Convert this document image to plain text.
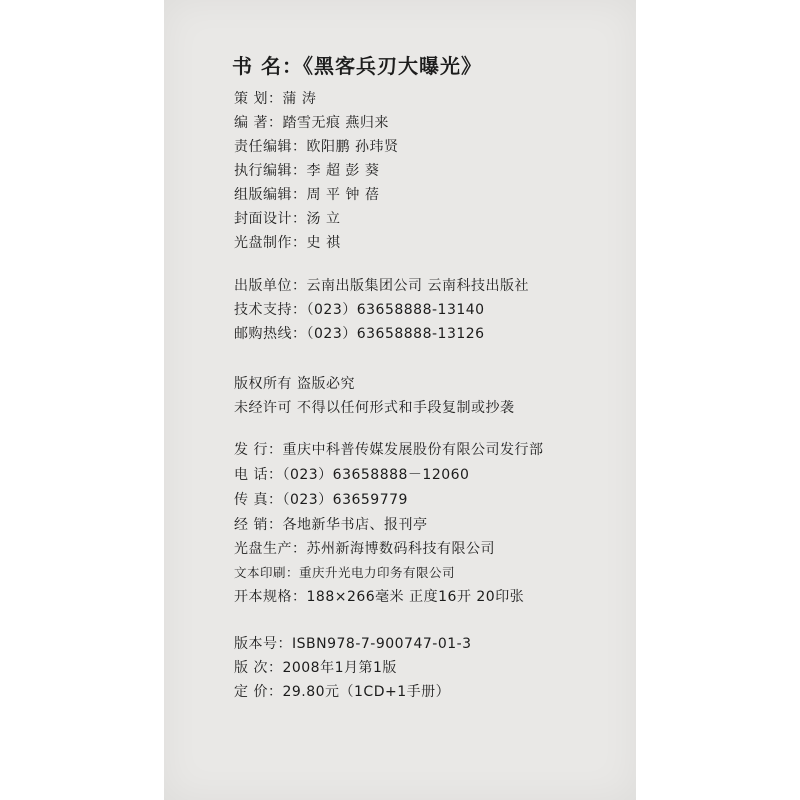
书 名：《黑客兵刃大曝光》
策 划：蒲 涛
编 著：踏雪无痕 燕归来
责任编辑：欧阳鹏 孙玮贤
执行编辑：李 超 彭 葵
组版编辑：周 平 钟 蓓
封面设计：汤 立
光盘制作：史 祺
出版单位：云南出版集团公司 云南科技出版社
技术支持：（023）63658888-13140
邮购热线：（023）63658888-13126
版权所有 盗版必究
未经许可 不得以任何形式和手段复制或抄袭
发 行：重庆中科普传媒发展股份有限公司发行部
电 话：（023）63658888－12060
传 真：（023）63659779
经 销：各地新华书店、报刊亭
光盘生产：苏州新海博数码科技有限公司
文本印刷：重庆升光电力印务有限公司
开本规格：188×266毫米 正度16开 20印张
版本号：ISBN978-7-900747-01-3
版 次：2008年1月第1版
定 价：29.80元（1CD+1手册）
